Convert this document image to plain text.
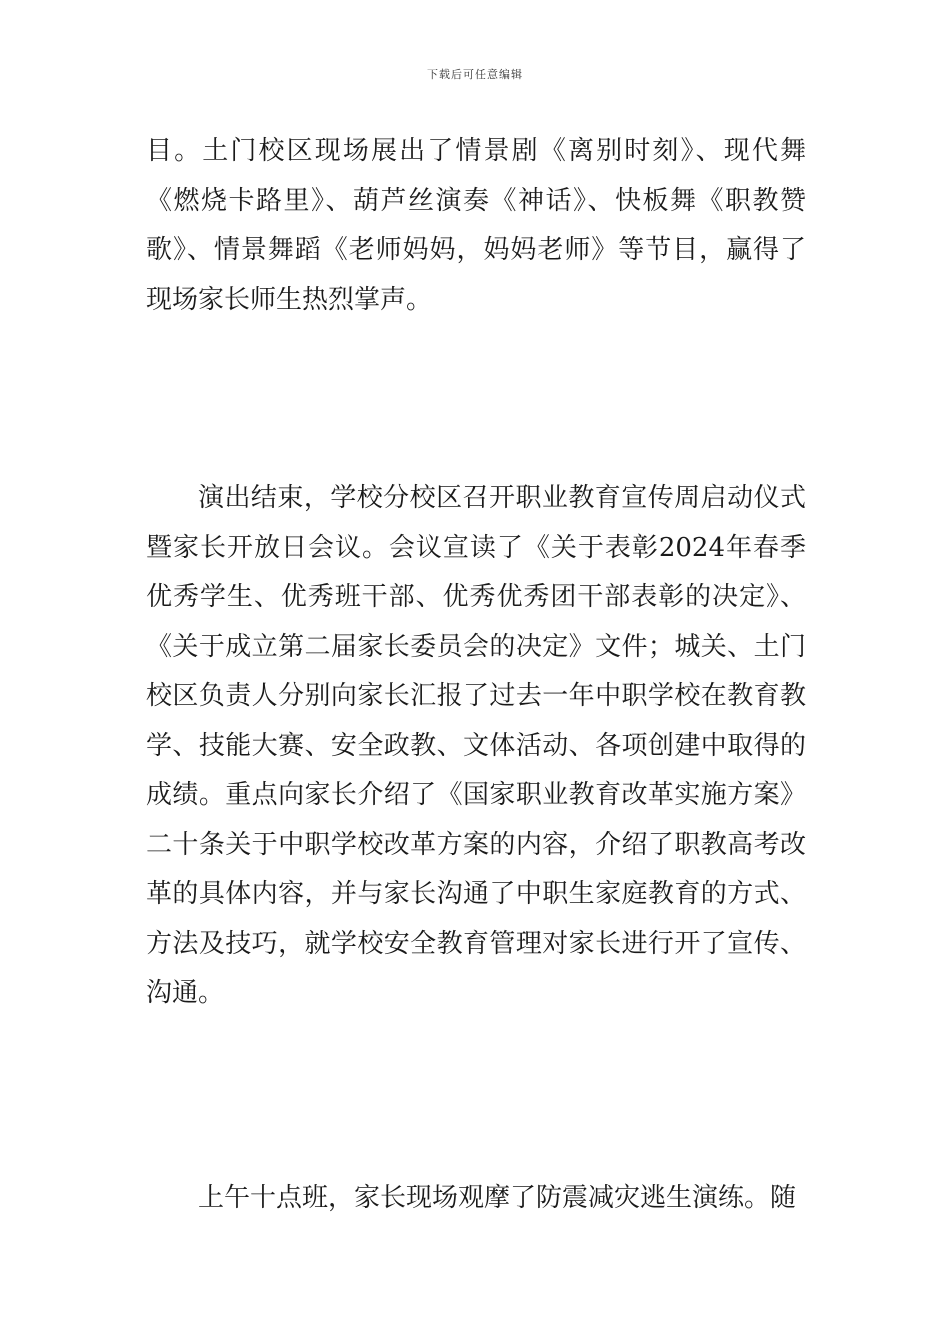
下载后可任意编辑

目。土门校区现场展出了情景剧《离别时刻》、现代舞《燃烧卡路里》、葫芦丝演奏《神话》、快板舞《职教赞歌》、情景舞蹈《老师妈妈，妈妈老师》等节目，赢得了现场家长师生热烈掌声。

演出结束，学校分校区召开职业教育宣传周启动仪式暨家长开放日会议。会议宣读了《关于表彰2024年春季优秀学生、优秀班干部、优秀优秀团干部表彰的决定》、《关于成立第二届家长委员会的决定》文件；城关、土门校区负责人分别向家长汇报了过去一年中职学校在教育教学、技能大赛、安全政教、文体活动、各项创建中取得的成绩。重点向家长介绍了《国家职业教育改革实施方案》二十条关于中职学校改革方案的内容，介绍了职教高考改革的具体内容，并与家长沟通了中职生家庭教育的方式、方法及技巧，就学校安全教育管理对家长进行开了宣传、沟通。

上午十点班，家长现场观摩了防震减灾逃生演练。随
